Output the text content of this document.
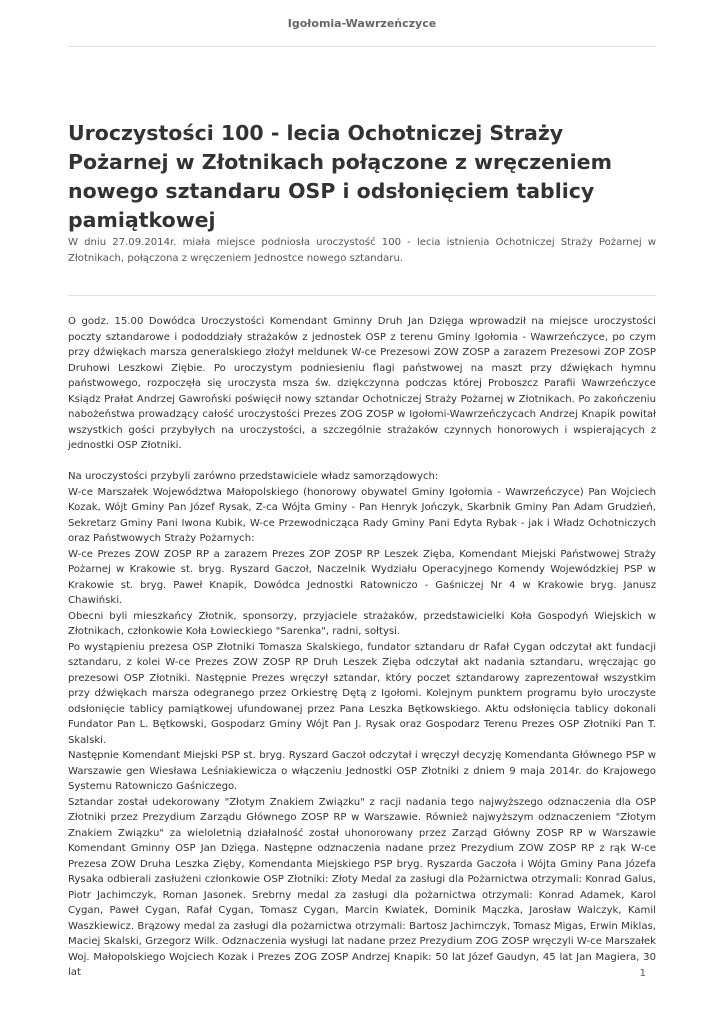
Igołomia-Wawrzeńczyce
Uroczystości 100 - lecia Ochotniczej Straży Pożarnej w Złotnikach połączone z wręczeniem nowego sztandaru OSP i odsłonięciem tablicy pamiątkowej

W dniu 27.09.2014r. miała miejsce podniosła uroczystość 100 - lecia istnienia Ochotniczej Straży Pożarnej w Złotnikach, połączona z wręczeniem Jednostce nowego sztandaru.

O godz. 15.00 Dowódca Uroczystości Komendant Gminny Druh Jan Dzięga wprowadził na miejsce uroczystości poczty sztandarowe i pododdziały strażaków z jednostek OSP z terenu Gminy Igołomia - Wawrzeńczyce, po czym przy dźwiękach marsza generalskiego złożył meldunek W-ce Prezesowi ZOW ZOSP a zarazem Prezesowi ZOP ZOSP Druhowi Leszkowi Ziębie. Po uroczystym podniesieniu flagi państwowej na maszt przy dźwiękach hymnu państwowego, rozpoczęła się uroczysta msza św. dziękczynna podczas której Proboszcz Parafii Wawrzeńczyce Ksiądz Prałat Andrzej Gawroński poświęcił nowy sztandar Ochotniczej Straży Pożarnej w Złotnikach. Po zakończeniu nabożeństwa prowadzący całość uroczystości Prezes ZOG ZOSP w Igołomi-Wawrzeńczycach Andrzej Knapik powitał wszystkich gości przybyłych na uroczystości, a szczególnie strażaków czynnych honorowych i wspierających z jednostki OSP Złotniki.

Na uroczystości przybyli zarówno przedstawiciele władz samorządowych:

W-ce Marszałek Województwa Małopolskiego (honorowy obywatel Gminy Igołomia - Wawrzeńczyce) Pan Wojciech Kozak, Wójt Gminy Pan Józef Rysak, Z-ca Wójta Gminy - Pan Henryk Jończyk, Skarbnik Gminy Pan Adam Grudzień, Sekretarz Gminy Pani Iwona Kubik, W-ce Przewodnicząca Rady Gminy Pani Edyta Rybak - jak i Władz Ochotniczych oraz Państwowych Straży Pożarnych:

W-ce Prezes ZOW ZOSP RP a zarazem Prezes ZOP ZOSP RP Leszek Zięba, Komendant Miejski Państwowej Straży Pożarnej w Krakowie st. bryg. Ryszard Gaczoł, Naczelnik Wydziału Operacyjnego Komendy Wojewódzkiej PSP w Krakowie st. bryg. Paweł Knapik, Dowódca Jednostki Ratowniczo - Gaśniczej Nr 4 w Krakowie bryg. Janusz Chawiński.

Obecni byli mieszkańcy Złotnik, sponsorzy, przyjaciele strażaków, przedstawicielki Koła Gospodyń Wiejskich w Złotnikach, członkowie Koła Łowieckiego "Sarenka", radni, sołtysi.

Po wystąpieniu prezesa OSP Złotniki Tomasza Skalskiego, fundator sztandaru dr Rafał Cygan odczytał akt fundacji sztandaru, z kolei W-ce Prezes ZOW ZOSP RP Druh Leszek Zięba odczytał akt nadania sztandaru, wręczając go prezesowi OSP Złotniki. Następnie Prezes wręczył sztandar, który poczet sztandarowy zaprezentował wszystkim przy dźwiękach marsza odegranego przez Orkiestrę Dętą z Igołomi. Kolejnym punktem programu było uroczyste odsłonięcie tablicy pamiątkowej ufundowanej przez Pana Leszka Bętkowskiego. Aktu odsłonięcia tablicy dokonali Fundator Pan L. Bętkowski, Gospodarz Gminy Wójt Pan J. Rysak oraz Gospodarz Terenu Prezes OSP Złotniki Pan T. Skalski.

Następnie Komendant Miejski PSP st. bryg. Ryszard Gaczoł odczytał i wręczył decyzję Komendanta Głównego PSP w Warszawie gen Wiesława Leśniakiewicza o włączeniu Jednostki OSP Złotniki z dniem 9 maja 2014r. do Krajowego Systemu Ratowniczo Gaśniczego.

Sztandar został udekorowany "Złotym Znakiem Związku" z racji nadania tego najwyższego odznaczenia dla OSP Złotniki przez Prezydium Zarządu Głównego ZOSP RP w Warszawie. Również najwyższym odznaczeniem "Złotym Znakiem Związku" za wieloletnią działalność został uhonorowany przez Zarząd Główny ZOSP RP w Warszawie Komendant Gminny OSP Jan Dzięga. Następne odznaczenia nadane przez Prezydium ZOW ZOSP RP z rąk W-ce Prezesa ZOW Druha Leszka Zięby, Komendanta Miejskiego PSP bryg. Ryszarda Gaczoła i Wójta Gminy Pana Józefa Rysaka odbierali zasłużeni członkowie OSP Złotniki: Złoty Medal za zasługi dla Pożarnictwa otrzymali: Konrad Galus, Piotr Jachimczyk, Roman Jasonek. Srebrny medal za zasługi dla pożarnictwa otrzymali: Konrad Adamek, Karol Cygan, Paweł Cygan, Rafał Cygan, Tomasz Cygan, Marcin Kwiatek, Dominik Mączka, Jarosław Walczyk, Kamil Waszkiewicz. Brązowy medal za zasługi dla pożarnictwa otrzymali: Bartosz Jachimczyk, Tomasz Migas, Erwin Miklas, Maciej Skalski, Grzegorz Wilk. Odznaczenia wysługi lat nadane przez Prezydium ZOG ZOSP wręczyli W-ce Marszałek Woj. Małopolskiego Wojciech Kozak i Prezes ZOG ZOSP Andrzej Knapik: 50 lat Józef Gaudyn, 45 lat Jan Magiera, 30 lat	1
